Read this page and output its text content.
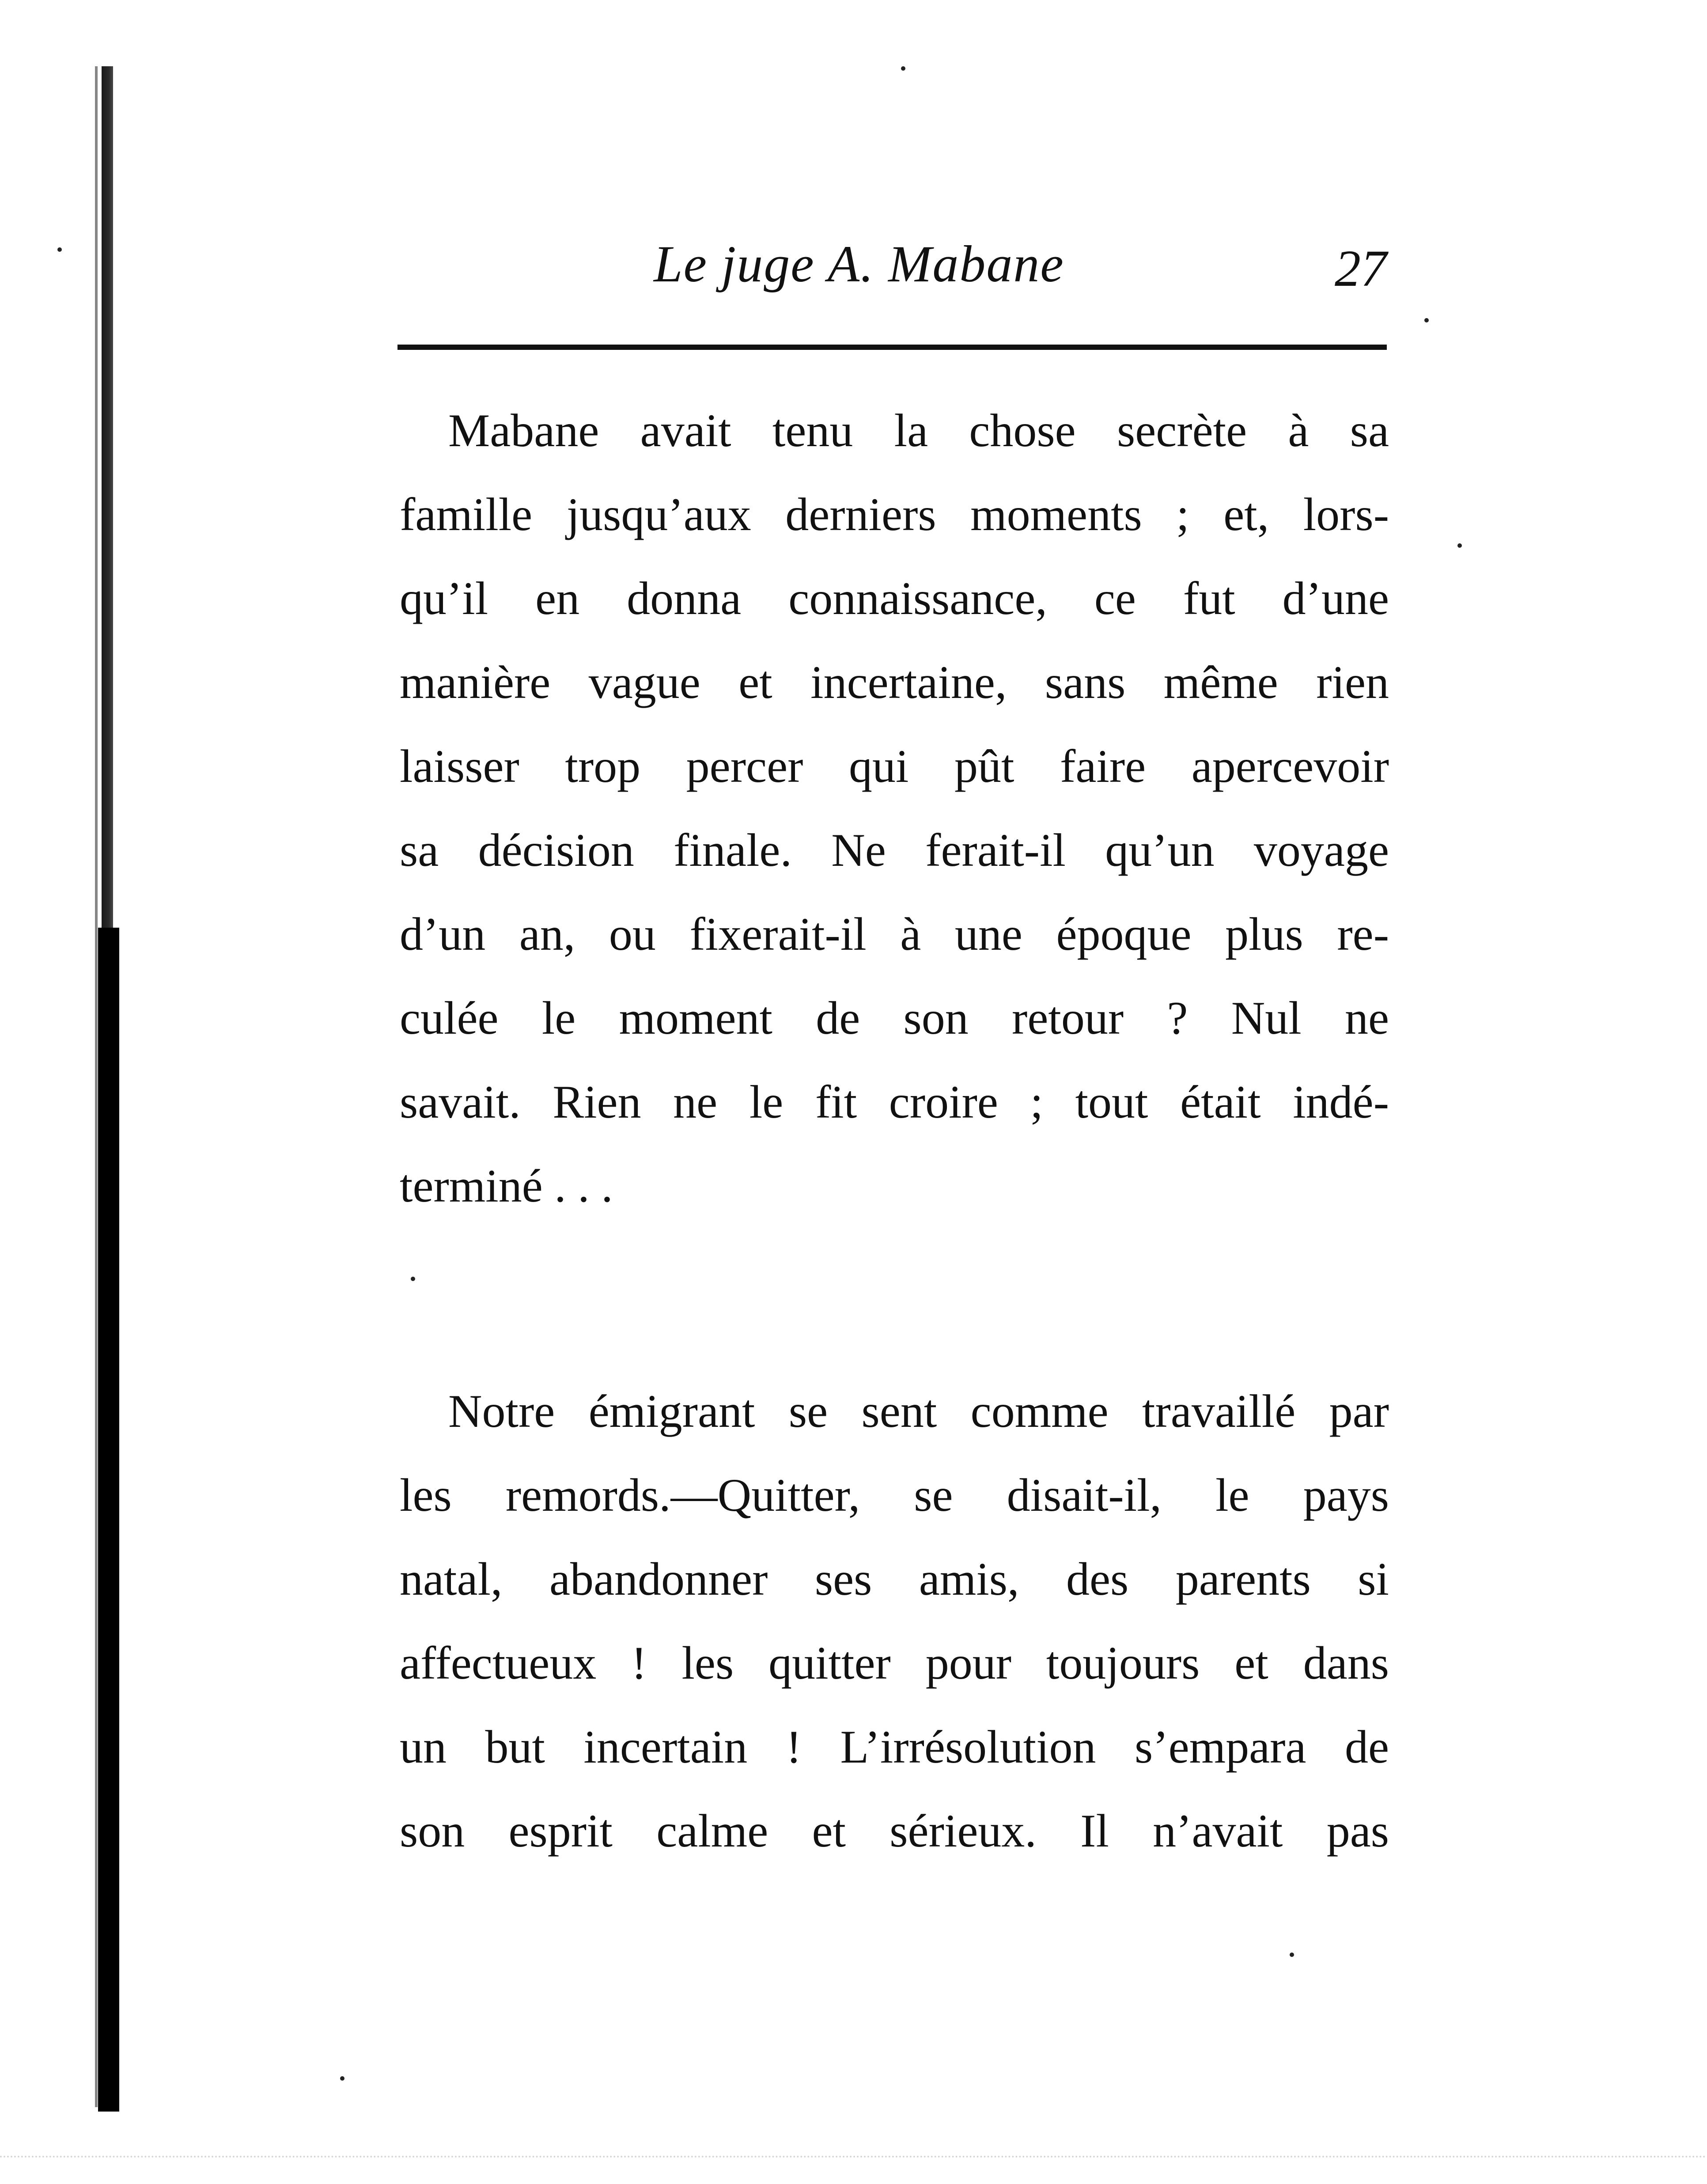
Le juge A. Mabane	27
Mabane avait tenu la chose secrète à sa
famille jusqu’aux derniers moments ; et, lors-
qu’il en donna connaissance, ce fut d’une
manière vague et incertaine, sans même rien
laisser trop percer qui pût faire apercevoir
sa décision finale. Ne ferait-il qu’un voyage
d’un an, ou fixerait-il à une époque plus re-
culée le moment de son retour ? Nul ne
savait. Rien ne le fit croire ; tout était indé-
terminé . . .
Notre émigrant se sent comme travaillé par
les remords.—Quitter, se disait-il, le pays
natal, abandonner ses amis, des parents si
affectueux ! les quitter pour toujours et dans
un but incertain ! L’irrésolution s’empara de
son esprit calme et sérieux. Il n’avait pas
